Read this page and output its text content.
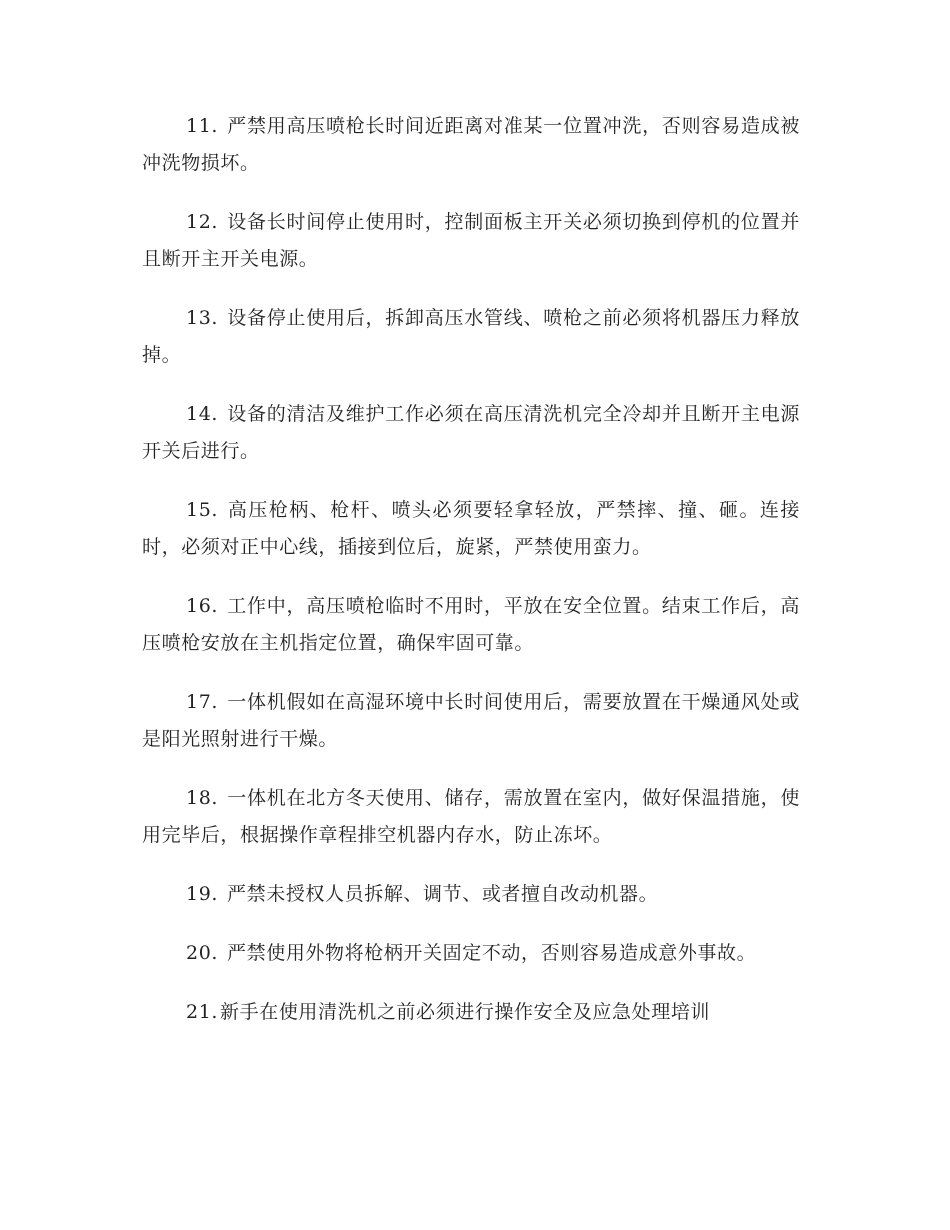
11. 严禁用高压喷枪长时间近距离对准某一位置冲洗，否则容易造成被冲洗物损坏。

12. 设备长时间停止使用时，控制面板主开关必须切换到停机的位置并且断开主开关电源。

13. 设备停止使用后，拆卸高压水管线、喷枪之前必须将机器压力释放掉。

14. 设备的清洁及维护工作必须在高压清洗机完全冷却并且断开主电源开关后进行。

15. 高压枪柄、枪杆、喷头必须要轻拿轻放，严禁摔、撞、砸。连接时，必须对正中心线，插接到位后，旋紧，严禁使用蛮力。

16. 工作中，高压喷枪临时不用时，平放在安全位置。结束工作后，高压喷枪安放在主机指定位置，确保牢固可靠。

17. 一体机假如在高湿环境中长时间使用后，需要放置在干燥通风处或是阳光照射进行干燥。

18. 一体机在北方冬天使用、储存，需放置在室内，做好保温措施，使用完毕后，根据操作章程排空机器内存水，防止冻坏。

19. 严禁未授权人员拆解、调节、或者擅自改动机器。

20. 严禁使用外物将枪柄开关固定不动，否则容易造成意外事故。

21. 新手在使用清洗机之前必须进行操作安全及应急处理培训
